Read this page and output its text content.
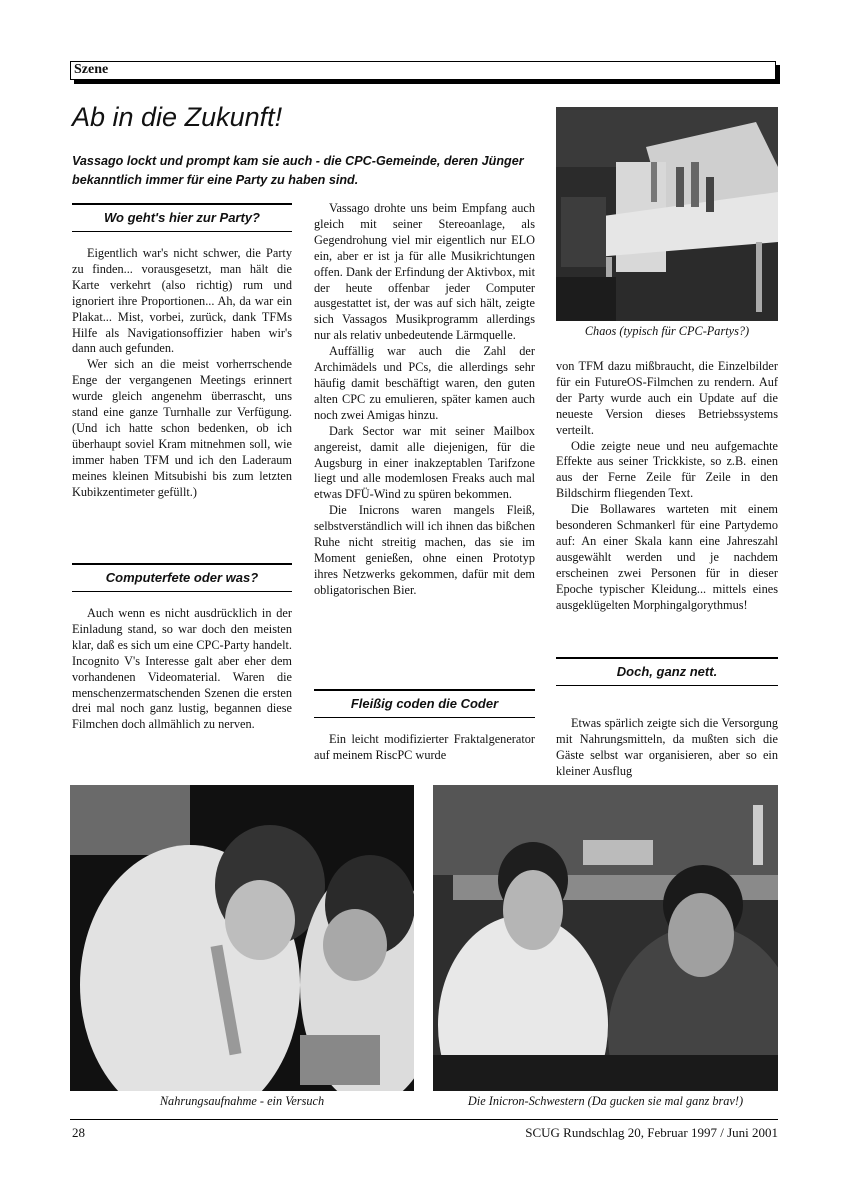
Szene
Ab in die Zukunft!
Vassago lockt und prompt kam sie auch - die CPC-Gemeinde, deren Jünger bekanntlich immer für eine Party zu haben sind.
Wo geht's hier zur Party?

Eigentlich war's nicht schwer, die Party zu finden... vorausgesetzt, man hält die Karte verkehrt (also richtig) rum und ignoriert ihre Proportionen... Ah, da war ein Plakat... Mist, vorbei, zurück, dank TFMs Hilfe als Navigationsoffizier haben wir's dann auch gefunden.

Wer sich an die meist vorherrschende Enge der vergangenen Meetings erinnert wurde gleich angenehm überrascht, uns stand eine ganze Turnhalle zur Verfügung. (Und ich hatte schon bedenken, ob ich überhaupt soviel Kram mitnehmen soll, wie immer haben TFM und ich den Laderaum meines kleinen Mitsubishi bis zum letzten Kubikzentimeter gefüllt.)

Computerfete oder was?

Auch wenn es nicht ausdrücklich in der Einladung stand, so war doch den meisten klar, daß es sich um eine CPC-Party handelt. Incognito V's Interesse galt aber eher dem vorhandenen Videomaterial. Waren die menschenzermatschenden Szenen die ersten drei mal noch ganz lustig, begannen diese Filmchen doch allmählich zu nerven.

Vassago drohte uns beim Empfang auch gleich mit seiner Stereoanlage, als Gegendrohung viel mir eigentlich nur ELO ein, aber er ist ja für alle Musikrichtungen offen. Dank der Erfindung der Aktivbox, mit der heute offenbar jeder Computer ausgestattet ist, der was auf sich hält, zeigte sich Vassagos Musikprogramm allerdings nur als relativ unbedeutende Lärmquelle.

Auffällig war auch die Zahl der Archimädels und PCs, die allerdings sehr häufig damit beschäftigt waren, den guten alten CPC zu emulieren, später kamen auch noch zwei Amigas hinzu.

Dark Sector war mit seiner Mailbox angereist, damit alle diejenigen, für die Augsburg in einer inakzeptablen Tarifzone liegt und alle modemlosen Freaks auch mal etwas DFÜ-Wind zu spüren bekommen.

Die Inicrons waren mangels Fleiß, selbstverständlich will ich ihnen das bißchen Ruhe nicht streitig machen, das sie im Moment genießen, ohne einen Prototyp ihres Netzwerks gekommen, dafür mit dem obligatorischen Bier.

Fleißig coden die Coder

Ein leicht modifizierter Fraktalgenerator auf meinem RiscPC wurde

Chaos (typisch für CPC-Partys?)

von TFM dazu mißbraucht, die Einzelbilder für ein FutureOS-Filmchen zu rendern. Auf der Party wurde auch ein Update auf die neueste Version dieses Betriebssystems verteilt.

Odie zeigte neue und neu aufgemachte Effekte aus seiner Trickkiste, so z.B. einen aus der Ferne Zeile für Zeile in den Bildschirm fliegenden Text.

Die Bollawares warteten mit einem besonderen Schmankerl für eine Partydemo auf: An einer Skala kann eine Jahreszahl ausgewählt werden und je nachdem erscheinen zwei Personen für in dieser Epoche typischer Kleidung... mittels eines ausgeklügelten Morphingalgorythmus!

Doch, ganz nett.

Etwas spärlich zeigte sich die Versorgung mit Nahrungsmitteln, da mußten sich die Gäste selbst war organisieren, aber so ein kleiner Ausflug

Nahrungsaufnahme - ein Versuch	Die Inicron-Schwestern (Da gucken sie mal ganz brav!)
28	SCUG Rundschlag 20, Februar 1997 / Juni 2001
